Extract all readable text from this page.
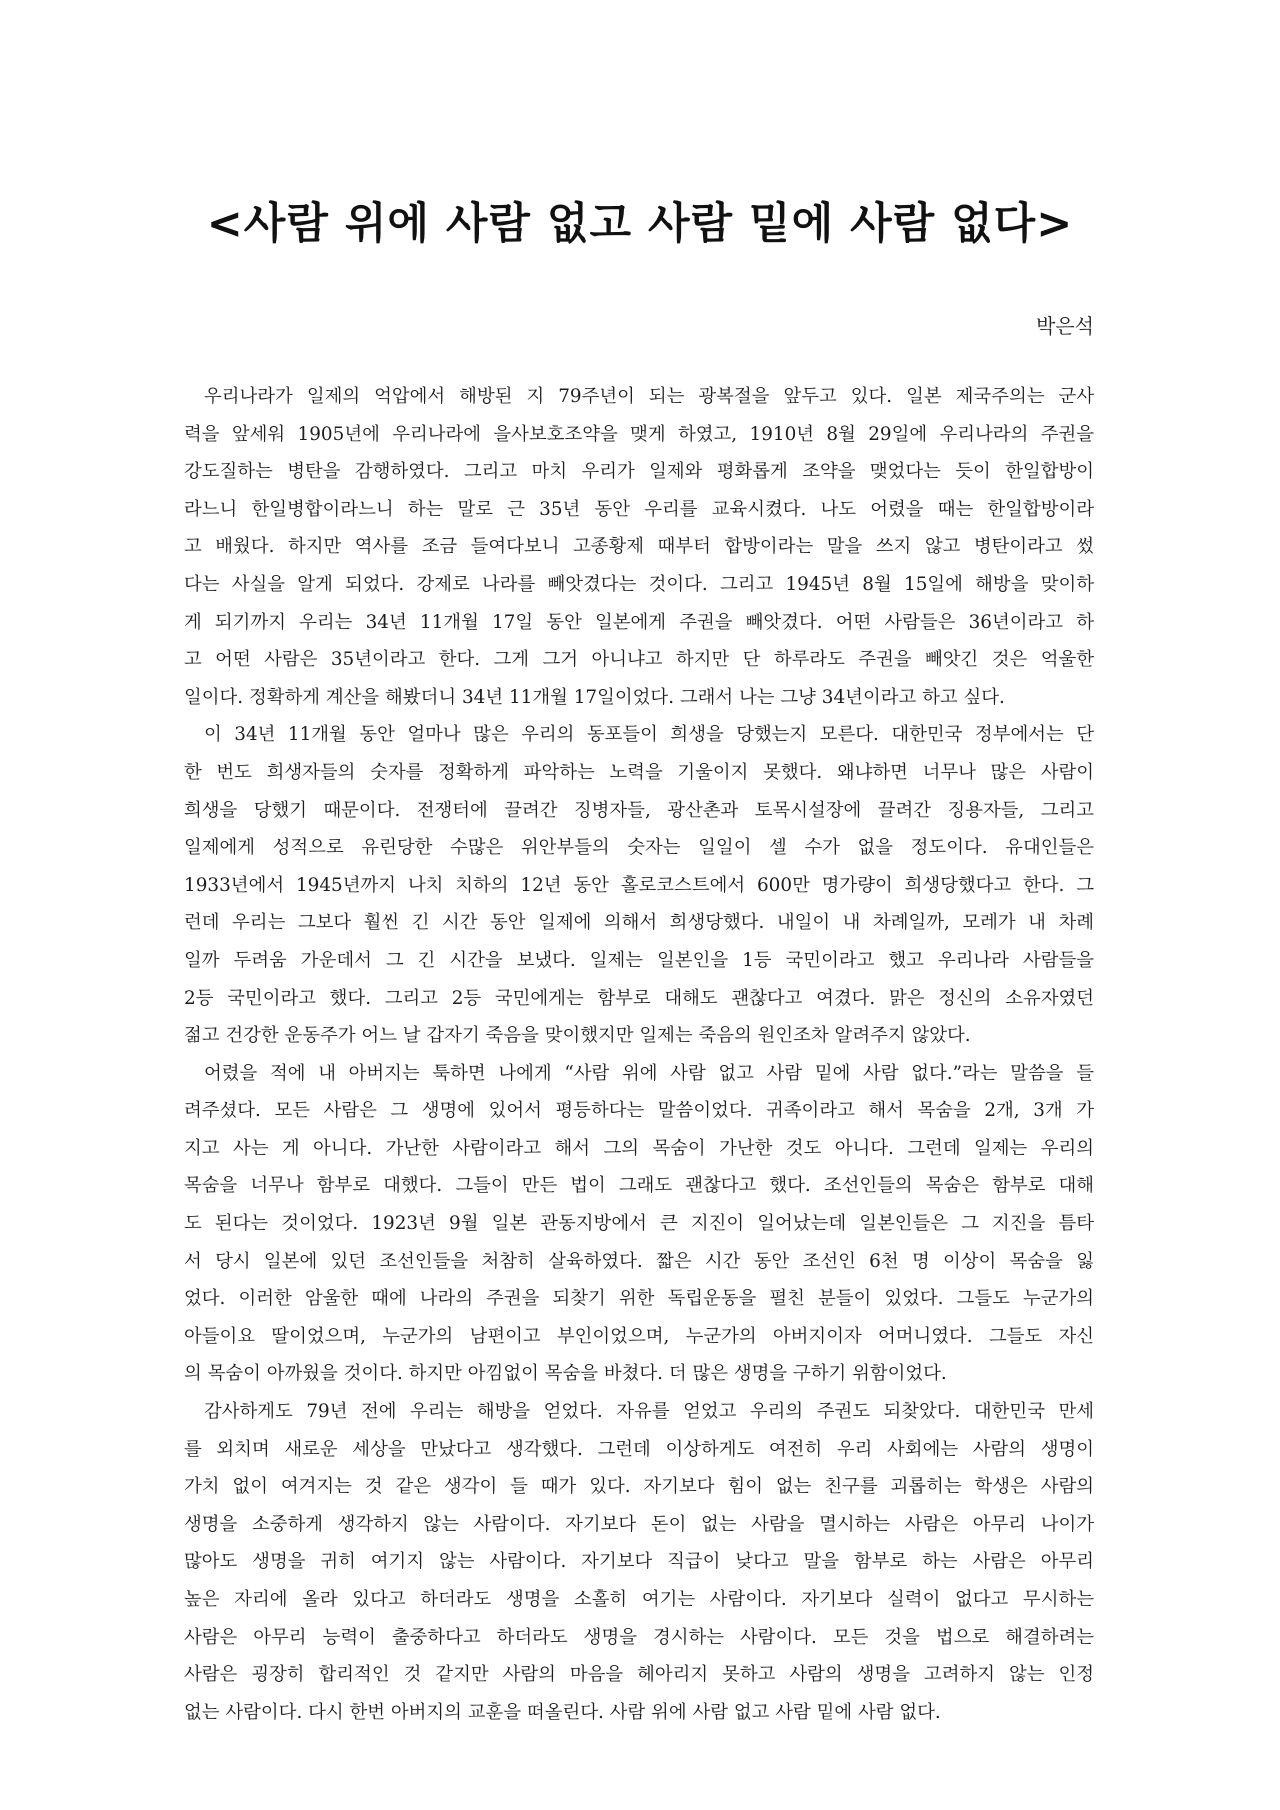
<사람 위에 사람 없고 사람 밑에 사람 없다>

박은석

우리나라가 일제의 억압에서 해방된 지 79주년이 되는 광복절을 앞두고 있다. 일본 제국주의는 군사
력을 앞세워 1905년에 우리나라에 을사보호조약을 맺게 하였고, 1910년 8월 29일에 우리나라의 주권을
강도질하는 병탄을 감행하였다. 그리고 마치 우리가 일제와 평화롭게 조약을 맺었다는 듯이 한일합방이
라느니 한일병합이라느니 하는 말로 근 35년 동안 우리를 교육시켰다. 나도 어렸을 때는 한일합방이라
고 배웠다. 하지만 역사를 조금 들여다보니 고종황제 때부터 합방이라는 말을 쓰지 않고 병탄이라고 썼
다는 사실을 알게 되었다. 강제로 나라를 빼앗겼다는 것이다. 그리고 1945년 8월 15일에 해방을 맞이하
게 되기까지 우리는 34년 11개월 17일 동안 일본에게 주권을 빼앗겼다. 어떤 사람들은 36년이라고 하
고 어떤 사람은 35년이라고 한다. 그게 그거 아니냐고 하지만 단 하루라도 주권을 빼앗긴 것은 억울한
일이다. 정확하게 계산을 해봤더니 34년 11개월 17일이었다. 그래서 나는 그냥 34년이라고 하고 싶다.
이 34년 11개월 동안 얼마나 많은 우리의 동포들이 희생을 당했는지 모른다. 대한민국 정부에서는 단
한 번도 희생자들의 숫자를 정확하게 파악하는 노력을 기울이지 못했다. 왜냐하면 너무나 많은 사람이
희생을 당했기 때문이다. 전쟁터에 끌려간 징병자들, 광산촌과 토목시설장에 끌려간 징용자들, 그리고
일제에게 성적으로 유린당한 수많은 위안부들의 숫자는 일일이 셀 수가 없을 정도이다. 유대인들은
1933년에서 1945년까지 나치 치하의 12년 동안 홀로코스트에서 600만 명가량이 희생당했다고 한다. 그
런데 우리는 그보다 훨씬 긴 시간 동안 일제에 의해서 희생당했다. 내일이 내 차례일까, 모레가 내 차례
일까 두려움 가운데서 그 긴 시간을 보냈다. 일제는 일본인을 1등 국민이라고 했고 우리나라 사람들을
2등 국민이라고 했다. 그리고 2등 국민에게는 함부로 대해도 괜찮다고 여겼다. 맑은 정신의 소유자였던
젊고 건강한 운동주가 어느 날 갑자기 죽음을 맞이했지만 일제는 죽음의 원인조차 알려주지 않았다.
어렸을 적에 내 아버지는 툭하면 나에게 “사람 위에 사람 없고 사람 밑에 사람 없다.”라는 말씀을 들
려주셨다. 모든 사람은 그 생명에 있어서 평등하다는 말씀이었다. 귀족이라고 해서 목숨을 2개, 3개 가
지고 사는 게 아니다. 가난한 사람이라고 해서 그의 목숨이 가난한 것도 아니다. 그런데 일제는 우리의
목숨을 너무나 함부로 대했다. 그들이 만든 법이 그래도 괜찮다고 했다. 조선인들의 목숨은 함부로 대해
도 된다는 것이었다. 1923년 9월 일본 관동지방에서 큰 지진이 일어났는데 일본인들은 그 지진을 틈타
서 당시 일본에 있던 조선인들을 처참히 살육하였다. 짧은 시간 동안 조선인 6천 명 이상이 목숨을 잃
었다. 이러한 암울한 때에 나라의 주권을 되찾기 위한 독립운동을 펼친 분들이 있었다. 그들도 누군가의
아들이요 딸이었으며, 누군가의 남편이고 부인이었으며, 누군가의 아버지이자 어머니였다. 그들도 자신
의 목숨이 아까웠을 것이다. 하지만 아낌없이 목숨을 바쳤다. 더 많은 생명을 구하기 위함이었다.
감사하게도 79년 전에 우리는 해방을 얻었다. 자유를 얻었고 우리의 주권도 되찾았다. 대한민국 만세
를 외치며 새로운 세상을 만났다고 생각했다. 그런데 이상하게도 여전히 우리 사회에는 사람의 생명이
가치 없이 여겨지는 것 같은 생각이 들 때가 있다. 자기보다 힘이 없는 친구를 괴롭히는 학생은 사람의
생명을 소중하게 생각하지 않는 사람이다. 자기보다 돈이 없는 사람을 멸시하는 사람은 아무리 나이가
많아도 생명을 귀히 여기지 않는 사람이다. 자기보다 직급이 낮다고 말을 함부로 하는 사람은 아무리
높은 자리에 올라 있다고 하더라도 생명을 소홀히 여기는 사람이다. 자기보다 실력이 없다고 무시하는
사람은 아무리 능력이 출중하다고 하더라도 생명을 경시하는 사람이다. 모든 것을 법으로 해결하려는
사람은 굉장히 합리적인 것 같지만 사람의 마음을 헤아리지 못하고 사람의 생명을 고려하지 않는 인정
없는 사람이다. 다시 한번 아버지의 교훈을 떠올린다. 사람 위에 사람 없고 사람 밑에 사람 없다.
